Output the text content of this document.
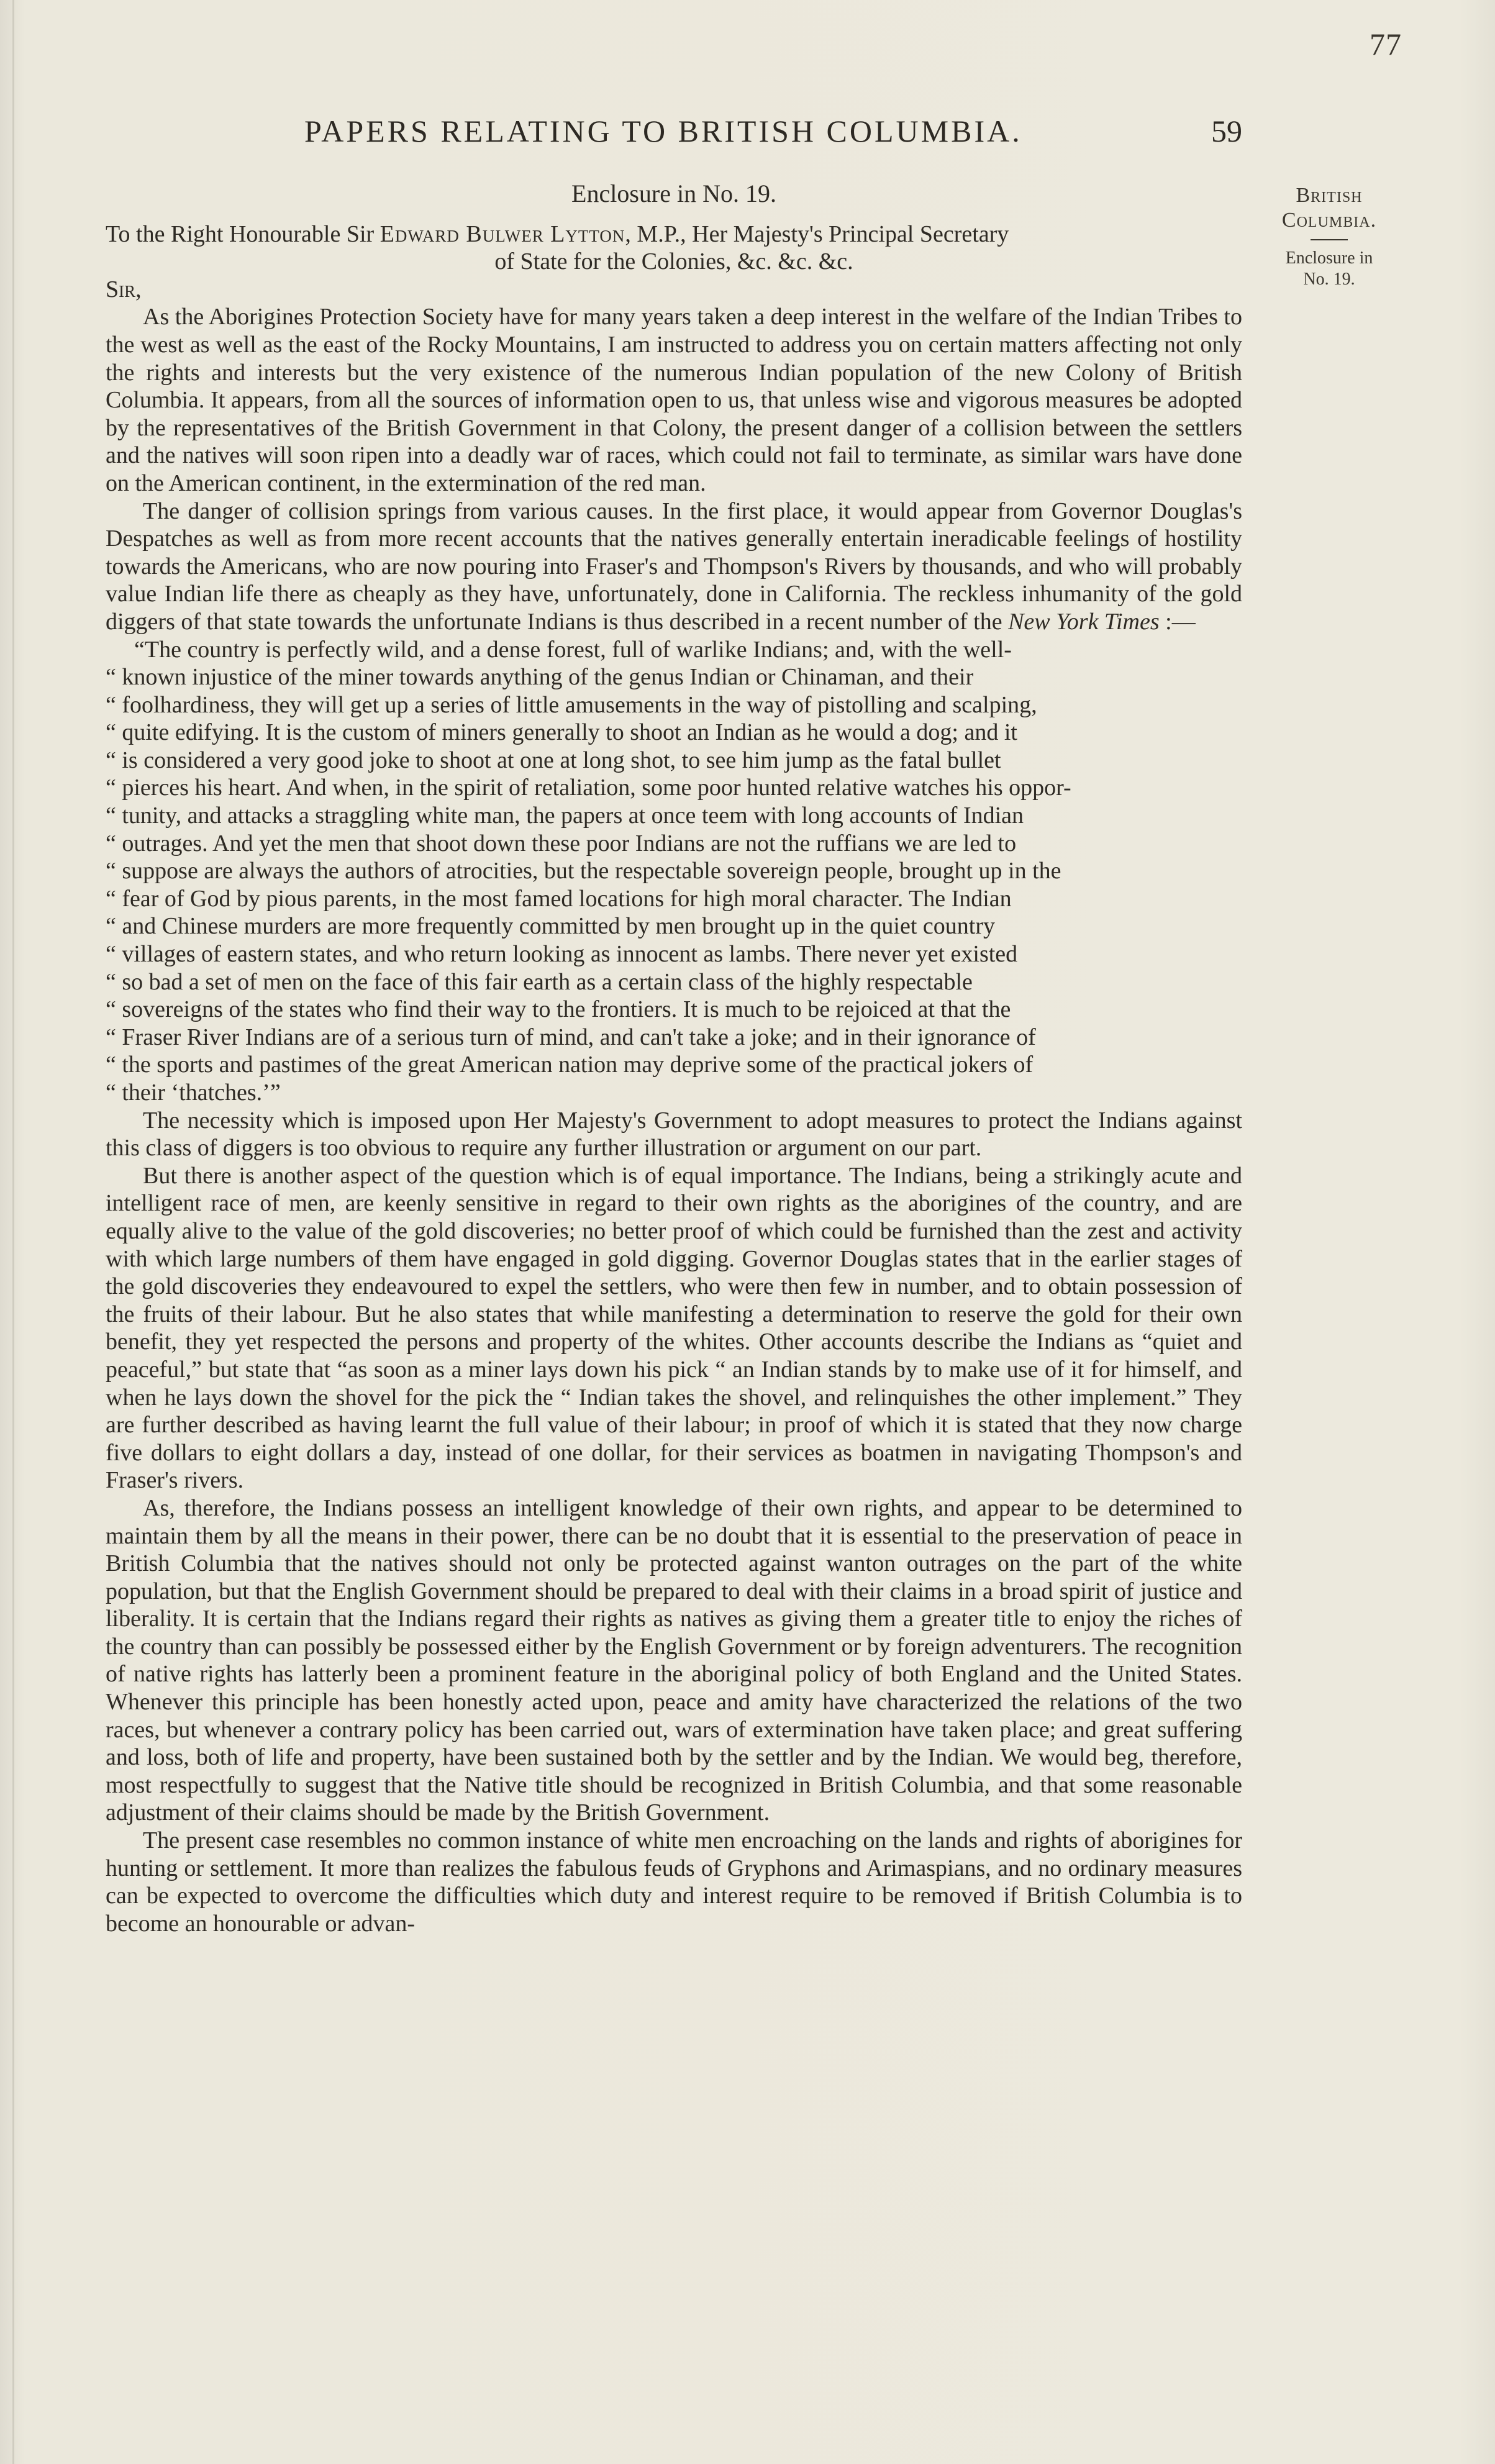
77
PAPERS RELATING TO BRITISH COLUMBIA.	59
British
Columbia.
Enclosure in
No. 19.
Enclosure in No. 19.
To the Right Honourable Sir Edward Bulwer Lytton, M.P., Her Majesty's Principal Secretary
of State for the Colonies, &c. &c. &c.
Sir,

As the Aborigines Protection Society have for many years taken a deep interest in the welfare of the Indian Tribes to the west as well as the east of the Rocky Mountains, I am instructed to address you on certain matters affecting not only the rights and interests but the very existence of the numerous Indian population of the new Colony of British Columbia. It appears, from all the sources of information open to us, that unless wise and vigorous measures be adopted by the representatives of the British Government in that Colony, the present danger of a collision between the settlers and the natives will soon ripen into a deadly war of races, which could not fail to terminate, as similar wars have done on the American continent, in the extermination of the red man.

The danger of collision springs from various causes. In the first place, it would appear from Governor Douglas's Despatches as well as from more recent accounts that the natives generally entertain ineradicable feelings of hostility towards the Americans, who are now pouring into Fraser's and Thompson's Rivers by thousands, and who will probably value Indian life there as cheaply as they have, unfortunately, done in California. The reckless inhumanity of the gold diggers of that state towards the unfortunate Indians is thus described in a recent number of the New York Times :—

“The country is perfectly wild, and a dense forest, full of warlike Indians; and, with the well-
“ known injustice of the miner towards anything of the genus Indian or Chinaman, and their
“ foolhardiness, they will get up a series of little amusements in the way of pistolling and scalping,
“ quite edifying. It is the custom of miners generally to shoot an Indian as he would a dog; and it
“ is considered a very good joke to shoot at one at long shot, to see him jump as the fatal bullet
“ pierces his heart. And when, in the spirit of retaliation, some poor hunted relative watches his oppor-
“ tunity, and attacks a straggling white man, the papers at once teem with long accounts of Indian
“ outrages. And yet the men that shoot down these poor Indians are not the ruffians we are led to
“ suppose are always the authors of atrocities, but the respectable sovereign people, brought up in the
“ fear of God by pious parents, in the most famed locations for high moral character. The Indian
“ and Chinese murders are more frequently committed by men brought up in the quiet country
“ villages of eastern states, and who return looking as innocent as lambs. There never yet existed
“ so bad a set of men on the face of this fair earth as a certain class of the highly respectable
“ sovereigns of the states who find their way to the frontiers. It is much to be rejoiced at that the
“ Fraser River Indians are of a serious turn of mind, and can't take a joke; and in their ignorance of
“ the sports and pastimes of the great American nation may deprive some of the practical jokers of
“ their ‘thatches.’”

The necessity which is imposed upon Her Majesty's Government to adopt measures to protect the Indians against this class of diggers is too obvious to require any further illustration or argument on our part.

But there is another aspect of the question which is of equal importance. The Indians, being a strikingly acute and intelligent race of men, are keenly sensitive in regard to their own rights as the aborigines of the country, and are equally alive to the value of the gold discoveries; no better proof of which could be furnished than the zest and activity with which large numbers of them have engaged in gold digging. Governor Douglas states that in the earlier stages of the gold discoveries they endeavoured to expel the settlers, who were then few in number, and to obtain possession of the fruits of their labour. But he also states that while manifesting a determination to reserve the gold for their own benefit, they yet respected the persons and property of the whites. Other accounts describe the Indians as “quiet and peaceful,” but state that “as soon as a miner lays down his pick “ an Indian stands by to make use of it for himself, and when he lays down the shovel for the pick the “ Indian takes the shovel, and relinquishes the other implement.” They are further described as having learnt the full value of their labour; in proof of which it is stated that they now charge five dollars to eight dollars a day, instead of one dollar, for their services as boatmen in navigating Thompson's and Fraser's rivers.

As, therefore, the Indians possess an intelligent knowledge of their own rights, and appear to be determined to maintain them by all the means in their power, there can be no doubt that it is essential to the preservation of peace in British Columbia that the natives should not only be protected against wanton outrages on the part of the white population, but that the English Government should be prepared to deal with their claims in a broad spirit of justice and liberality. It is certain that the Indians regard their rights as natives as giving them a greater title to enjoy the riches of the country than can possibly be possessed either by the English Government or by foreign adventurers. The recognition of native rights has latterly been a prominent feature in the aboriginal policy of both England and the United States. Whenever this principle has been honestly acted upon, peace and amity have characterized the relations of the two races, but whenever a contrary policy has been carried out, wars of extermination have taken place; and great suffering and loss, both of life and property, have been sustained both by the settler and by the Indian. We would beg, therefore, most respectfully to suggest that the Native title should be recognized in British Columbia, and that some reasonable adjustment of their claims should be made by the British Government.

The present case resembles no common instance of white men encroaching on the lands and rights of aborigines for hunting or settlement. It more than realizes the fabulous feuds of Gryphons and Arimaspians, and no ordinary measures can be expected to overcome the difficulties which duty and interest require to be removed if British Columbia is to become an honourable or advan-
